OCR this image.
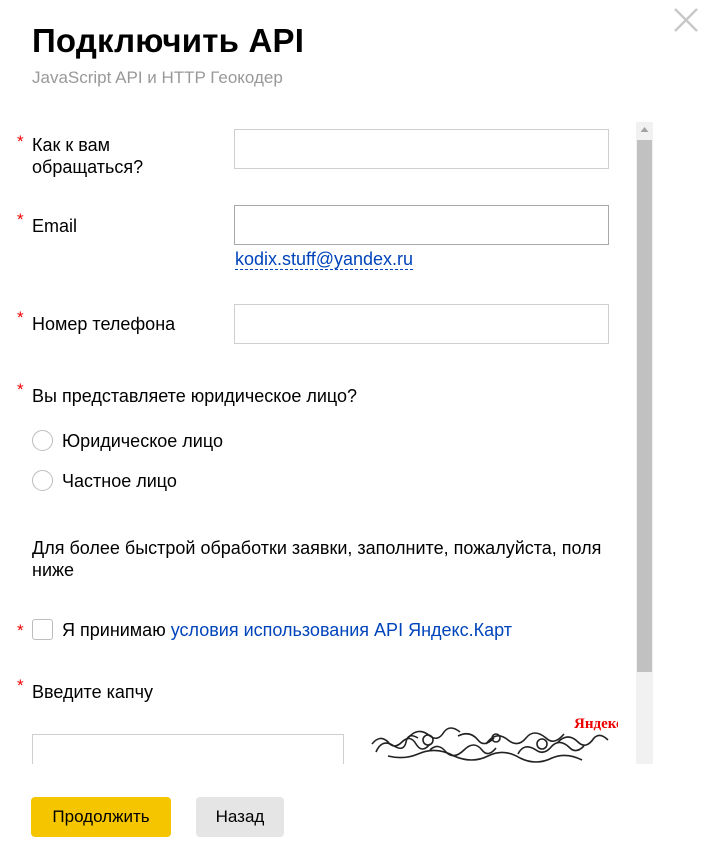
Подключить API
JavaScript API и HTTP Геокодер
* Как к вам обращаться?
* Email
kodix.stuff@yandex.ru
* Номер телефона
* Вы представляете юридическое лицо?
Юридическое лицо
Частное лицо
Для более быстрой обработки заявки, заполните, пожалуйста, поля ниже
* Я принимаю условия использования API Яндекс.Карт
* Введите капчу
Яндекс
Продолжить	Назад
